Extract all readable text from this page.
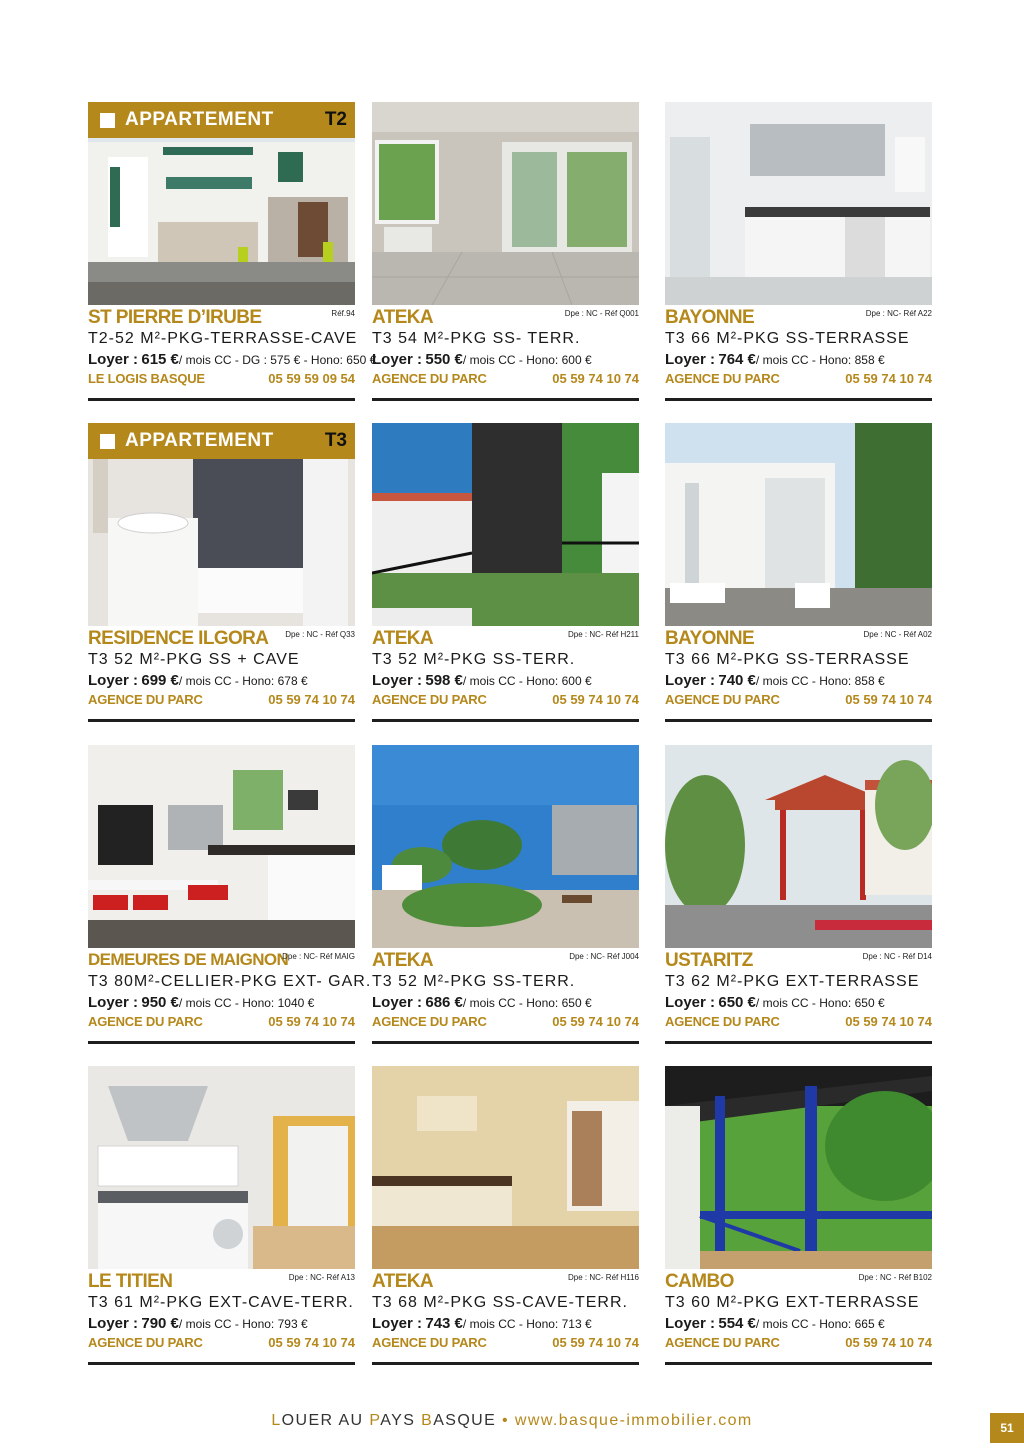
APPARTEMENT	T2
ST PIERRE D’IRUBE	Réf.94
T2-52 M²-PKG-TERRASSE-CAVE
Loyer : 615 €/ mois CC - DG : 575 € - Hono: 650 €
LE LOGIS BASQUE	05 59 59 09 54
ATEKA	Dpe : NC - Réf Q001
T3 54 M²-PKG SS- TERR.
Loyer : 550 €/ mois CC - Hono: 600 €
AGENCE DU PARC	05 59 74 10 74
BAYONNE	Dpe : NC- Réf A22
T3 66 M²-PKG SS-TERRASSE
Loyer : 764 €/ mois CC - Hono: 858 €
AGENCE DU PARC	05 59 74 10 74
APPARTEMENT	T3
RESIDENCE ILGORA Dpe : NC - Réf Q33
T3 52 M²-PKG SS + CAVE
Loyer : 699 €/ mois CC - Hono: 678 €
AGENCE DU PARC	05 59 74 10 74
ATEKA	Dpe : NC- Réf H211
T3 52 M²-PKG SS-TERR.
Loyer : 598 €/ mois CC - Hono: 600 €
AGENCE DU PARC	05 59 74 10 74
BAYONNE	Dpe : NC - Réf A02
T3 66 M²-PKG SS-TERRASSE
Loyer : 740 €/ mois CC - Hono: 858 €
AGENCE DU PARC	05 59 74 10 74
DEMEURES DE MAIGNON
Dpe : NC- Réf MAIG
T3 80M²-CELLIER-PKG EXT- GAR.
Loyer : 950 €/ mois CC - Hono: 1040 €
AGENCE DU PARC	05 59 74 10 74
ATEKA	Dpe : NC- Réf J004
T3 52 M²-PKG SS-TERR.
Loyer : 686 €/ mois CC - Hono: 650 €
AGENCE DU PARC	05 59 74 10 74
USTARITZ	Dpe : NC - Réf D14
T3 62 M²-PKG EXT-TERRASSE
Loyer : 650 €/ mois CC - Hono: 650 €
AGENCE DU PARC	05 59 74 10 74
LE TITIEN	Dpe : NC- Réf A13
T3 61 M²-PKG EXT-CAVE-TERR.
Loyer : 790 €/ mois CC - Hono: 793 €
AGENCE DU PARC	05 59 74 10 74
ATEKA	Dpe : NC- Réf H116
T3 68 M²-PKG SS-CAVE-TERR.
Loyer : 743 €/ mois CC - Hono: 713 €
AGENCE DU PARC	05 59 74 10 74
CAMBO	Dpe : NC - Réf B102
T3 60 M²-PKG EXT-TERRASSE
Loyer : 554 €/ mois CC - Hono: 665 €
AGENCE DU PARC	05 59 74 10 74
LOUER AU PAYS BASQUE • www.basque-immobilier.com	51
